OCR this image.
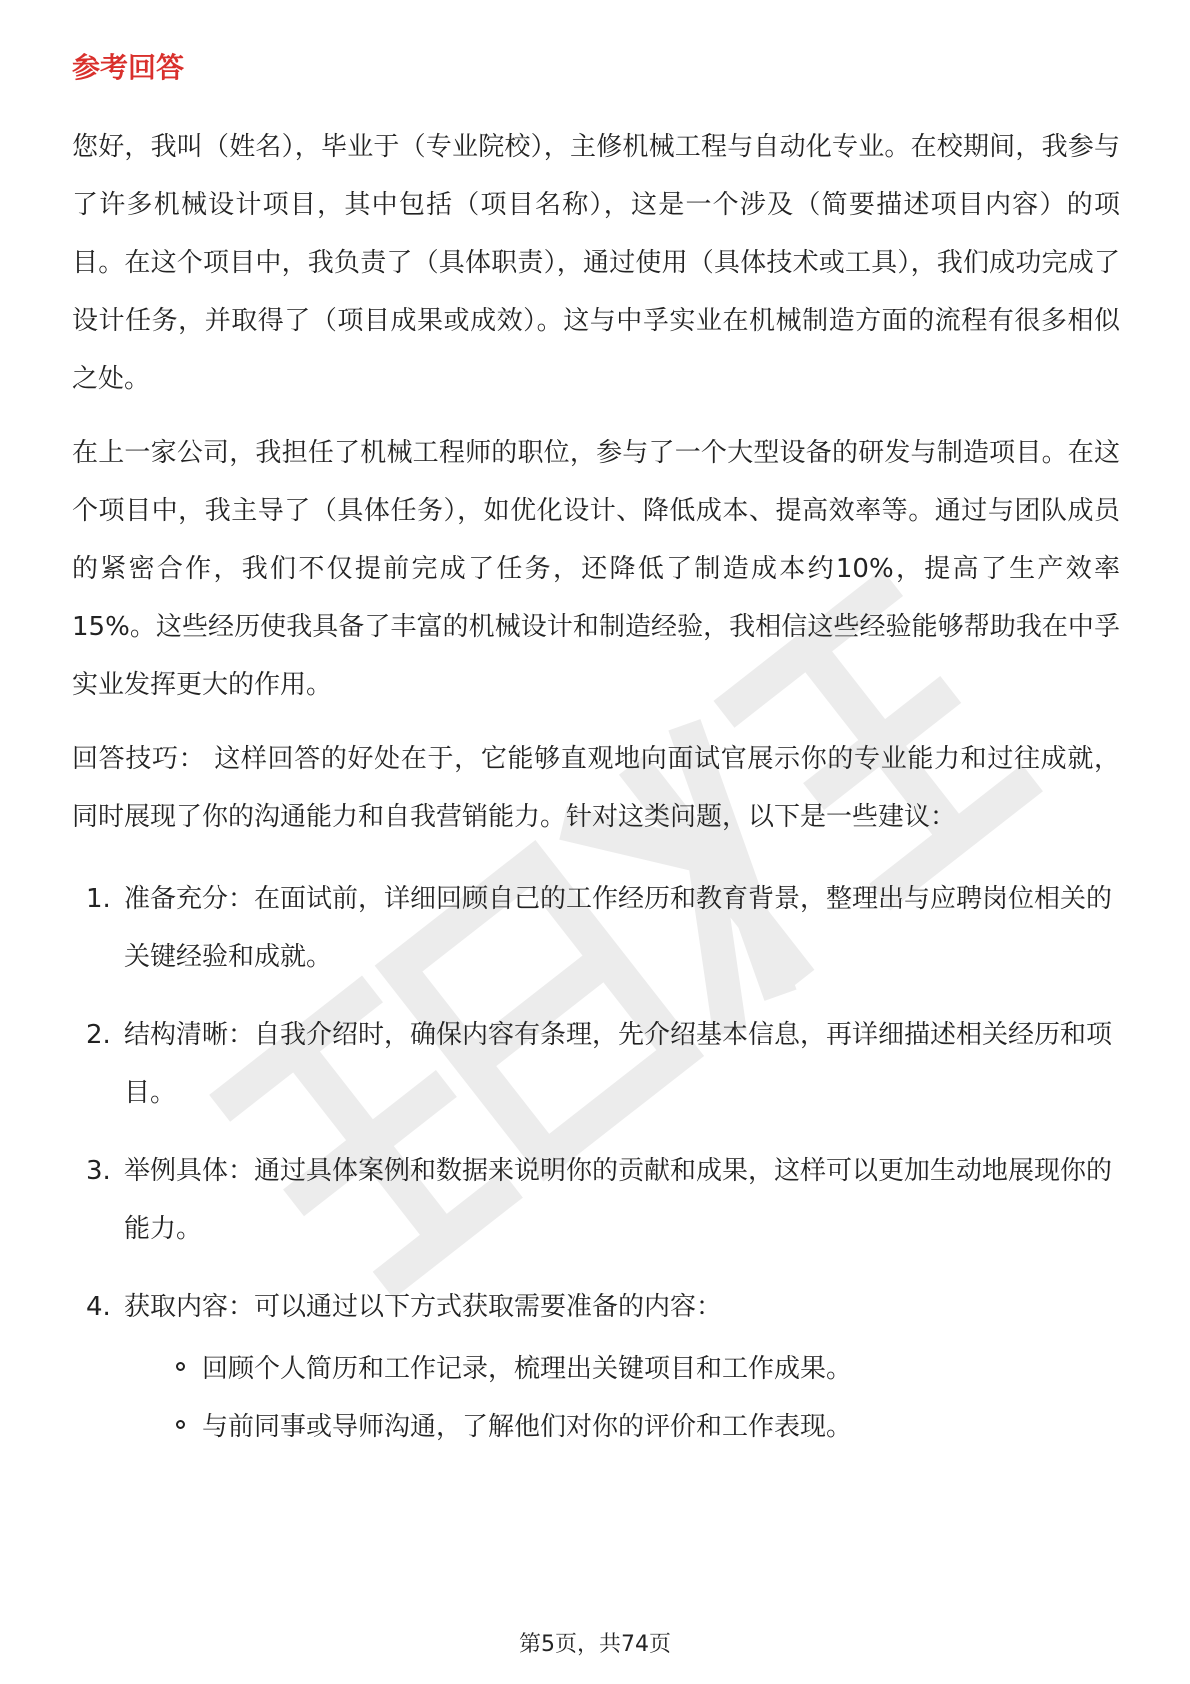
参考回答

您好，我叫（姓名），毕业于（专业院校），主修机械工程与自动化专业。在校期间，我参与了许多机械设计项目，其中包括（项目名称），这是一个涉及（简要描述项目内容）的项目。在这个项目中，我负责了（具体职责），通过使用（具体技术或工具），我们成功完成了设计任务，并取得了（项目成果或成效）。这与中孚实业在机械制造方面的流程有很多相似之处。

在上一家公司，我担任了机械工程师的职位，参与了一个大型设备的研发与制造项目。在这个项目中，我主导了（具体任务），如优化设计、降低成本、提高效率等。通过与团队成员的紧密合作，我们不仅提前完成了任务，还降低了制造成本约10%，提高了生产效率15%。这些经历使我具备了丰富的机械设计和制造经验，我相信这些经验能够帮助我在中孚实业发挥更大的作用。

回答技巧： 这样回答的好处在于，它能够直观地向面试官展示你的专业能力和过往成就，同时展现了你的沟通能力和自我营销能力。针对这类问题，以下是一些建议：

1. 准备充分：在面试前，详细回顾自己的工作经历和教育背景，整理出与应聘岗位相关的关键经验和成就。
2. 结构清晰：自我介绍时，确保内容有条理，先介绍基本信息，再详细描述相关经历和项目。
3. 举例具体：通过具体案例和数据来说明你的贡献和成果，这样可以更加生动地展现你的能力。
4. 获取内容：可以通过以下方式获取需要准备的内容：
回顾个人简历和工作记录，梳理出关键项目和工作成果。
与前同事或导师沟通，了解他们对你的评价和工作表现。
第5页，共74页
